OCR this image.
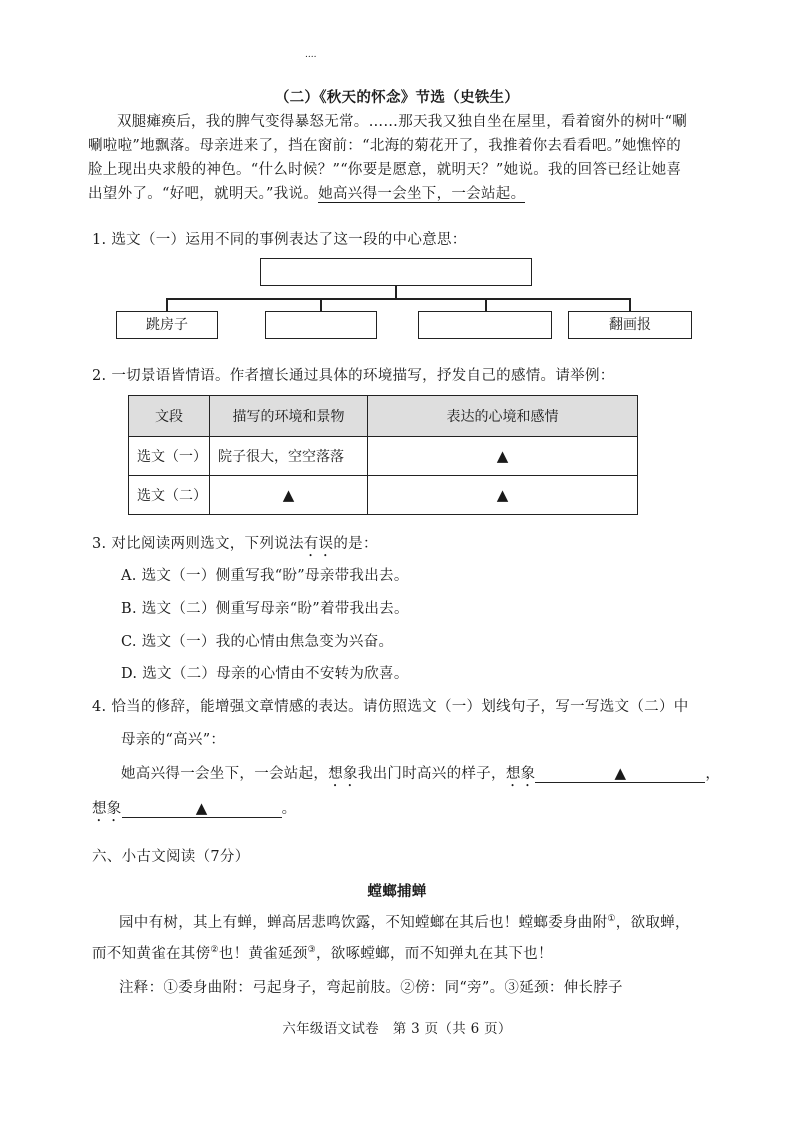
....
（二）《秋天的怀念》节选（史铁生）
双腿瘫痪后，我的脾气变得暴怒无常。……那天我又独自坐在屋里，看着窗外的树叶“唰
唰啦啦”地飘落。母亲进来了，挡在窗前：“北海的菊花开了，我推着你去看看吧。”她憔悴的
脸上现出央求般的神色。“什么时候？”“你要是愿意，就明天？”她说。我的回答已经让她喜
出望外了。“好吧，就明天。”我说。她高兴得一会坐下，一会站起。
1. 选文（一）运用不同的事例表达了这一段的中心意思：
跳房子	翻画报
2. 一切景语皆情语。作者擅长通过具体的环境描写，抒发自己的感情。请举例：
文段	描写的环境和景物	表达的心境和感情
选文（一）	院子很大，空空落落	▲
选文（二）	▲	▲
3. 对比阅读两则选文，下列说法有误的是：
A. 选文（一）侧重写我“盼”母亲带我出去。
B. 选文（二）侧重写母亲“盼”着带我出去。
C. 选文（一）我的心情由焦急变为兴奋。
D. 选文（二）母亲的心情由不安转为欣喜。
4. 恰当的修辞，能增强文章情感的表达。请仿照选文（一）划线句子，写一写选文（二）中
母亲的“高兴”：
她高兴得一会坐下，一会站起，想象我出门时高兴的样子，想象	▲	，
想象	▲	。
六、小古文阅读（7分）
螳螂捕蝉
园中有树，其上有蝉，蝉高居悲鸣饮露，不知螳螂在其后也！螳螂委身曲附①，欲取蝉，
而不知黄雀在其傍②也！黄雀延颈③，欲啄螳螂，而不知弹丸在其下也！
注释：①委身曲附：弓起身子，弯起前肢。②傍：同“旁”。③延颈：伸长脖子
六年级语文试卷　第 3 页（共 6 页）
